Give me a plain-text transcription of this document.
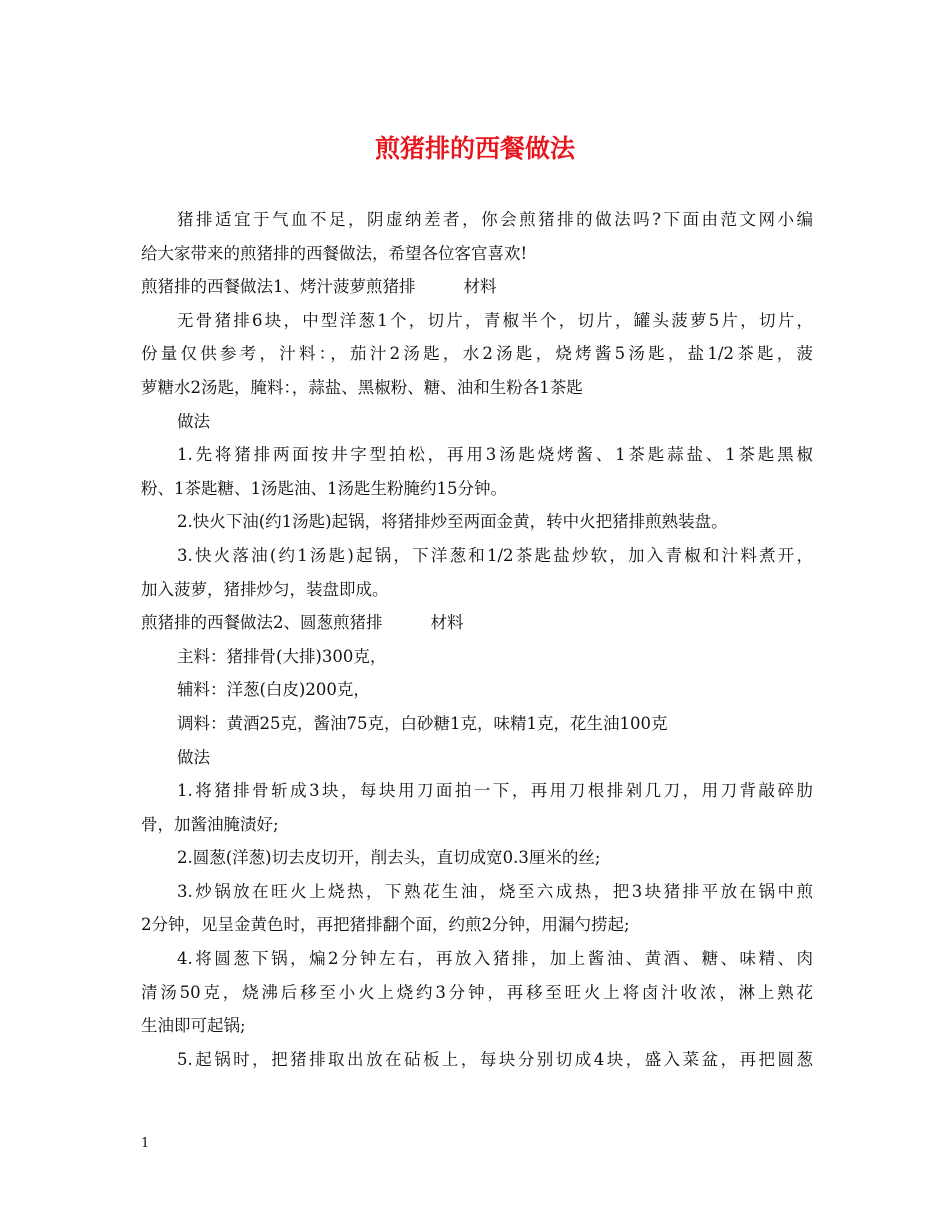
煎猪排的西餐做法
猪排适宜于气血不足，阴虚纳差者，你会煎猪排的做法吗?下面由范文网小编
给大家带来的煎猪排的西餐做法，希望各位客官喜欢!
煎猪排的西餐做法1、烤汁菠萝煎猪排	材料
无骨猪排6块，中型洋葱1个，切片，青椒半个，切片，罐头菠萝5片，切片，
份量仅供参考，汁料：，茄汁2汤匙，水2汤匙，烧烤酱5汤匙，盐1/2茶匙，菠
萝糖水2汤匙，腌料：，蒜盐、黑椒粉、糖、油和生粉各1茶匙
做法
1.先将猪排两面按井字型拍松，再用3汤匙烧烤酱、1茶匙蒜盐、1茶匙黑椒
粉、1茶匙糖、1汤匙油、1汤匙生粉腌约15分钟。
2.快火下油(约1汤匙)起锅，将猪排炒至两面金黄，转中火把猪排煎熟装盘。
3.快火落油(约1汤匙)起锅，下洋葱和1/2茶匙盐炒软，加入青椒和汁料煮开，
加入菠萝，猪排炒匀，装盘即成。
煎猪排的西餐做法2、圆葱煎猪排	材料
主料：猪排骨(大排)300克，
辅料：洋葱(白皮)200克，
调料：黄酒25克，酱油75克，白砂糖1克，味精1克，花生油100克
做法
1.将猪排骨斩成3块，每块用刀面拍一下，再用刀根排剁几刀，用刀背敲碎肋
骨，加酱油腌渍好;
2.圆葱(洋葱)切去皮切开，削去头，直切成宽0.3厘米的丝;
3.炒锅放在旺火上烧热，下熟花生油，烧至六成热，把3块猪排平放在锅中煎
2分钟，见呈金黄色时，再把猪排翻个面，约煎2分钟，用漏勺捞起;
4.将圆葱下锅，煸2分钟左右，再放入猪排，加上酱油、黄酒、糖、味精、肉
清汤50克，烧沸后移至小火上烧约3分钟，再移至旺火上将卤汁收浓，淋上熟花
生油即可起锅;
5.起锅时，把猪排取出放在砧板上，每块分别切成4块，盛入菜盆，再把圆葱
1
